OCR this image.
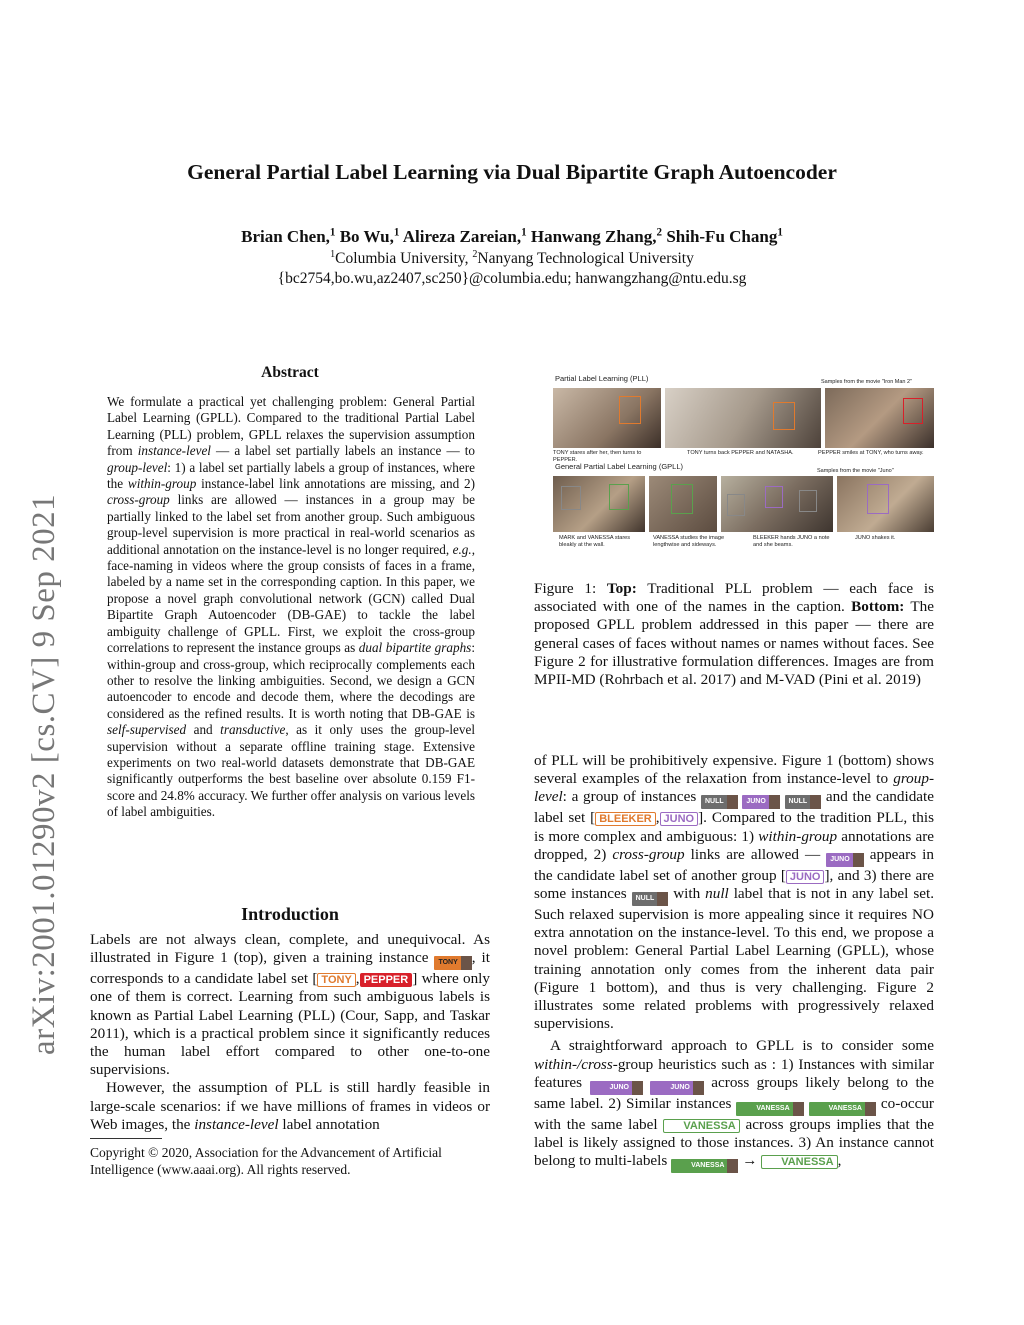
arXiv:2001.01290v2 [cs.CV] 9 Sep 2021
General Partial Label Learning via Dual Bipartite Graph Autoencoder
Brian Chen,$^1$ Bo Wu,$^1$ Alireza Zareian,$^1$ Hanwang Zhang,$^2$ Shih-Fu Chang$^1$
$^1$Columbia University, $^2$Nanyang Technological University
{bc2754,bo.wu,az2407,sc250}@columbia.edu; hanwangzhang@ntu.edu.sg
Abstract
We formulate a practical yet challenging problem: General Partial Label Learning (GPLL). Compared to the traditional Partial Label Learning (PLL) problem, GPLL relaxes the supervision assumption from instance-level — a label set partially labels an instance — to group-level: 1) a label set partially labels a group of instances, where the within-group instance-label link annotations are missing, and 2) cross-group links are allowed — instances in a group may be partially linked to the label set from another group. Such ambiguous group-level supervision is more practical in real-world scenarios as additional annotation on the instance-level is no longer required, e.g., face-naming in videos where the group consists of faces in a frame, labeled by a name set in the corresponding caption. In this paper, we propose a novel graph convolutional network (GCN) called Dual Bipartite Graph Autoencoder (DB-GAE) to tackle the label ambiguity challenge of GPLL. First, we exploit the cross-group correlations to represent the instance groups as dual bipartite graphs: within-group and cross-group, which reciprocally complements each other to resolve the linking ambiguities. Second, we design a GCN autoencoder to encode and decode them, where the decodings are considered as the refined results. It is worth noting that DB-GAE is self-supervised and transductive, as it only uses the group-level supervision without a separate offline training stage. Extensive experiments on two real-world datasets demonstrate that DB-GAE significantly outperforms the best baseline over absolute 0.159 F1-score and 24.8% accuracy. We further offer analysis on various levels of label ambiguities.
Introduction

Labels are not always clean, complete, and unequivocal. As illustrated in Figure 1 (top), given a training instance TONY , it corresponds to a candidate label set [ TONY , PEPPER ] where only one of them is correct. Learning from such ambiguous labels is known as Partial Label Learning (PLL) (Cour, Sapp, and Taskar 2011), which is a practical problem since it significantly reduces the human label effort compared to other one-to-one supervisions.

However, the assumption of PLL is still hardly feasible in large-scale scenarios: if we have millions of frames in videos or Web images, the instance-level label annotation

Copyright © 2020, Association for the Advancement of Artificial Intelligence (www.aaai.org). All rights reserved.
Partial Label Learning (PLL)	Samples from the movie "Iron Man 2"
TONY stares after her, then turns to PEPPER.
TONY turns back PEPPER and NATASHA.	PEPPER smiles at TONY, who turns away.
General Partial Label Learning (GPLL)	Samples from the movie "Juno"
MARK and VANESSA stares bleakly at the wall.
VANESSA studies the image lengthwise and sideways.
BLEEKER hands JUNO a note and she beams.
JUNO shakes it.
Figure 1: Top: Traditional PLL problem — each face is associated with one of the names in the caption. Bottom: The proposed GPLL problem addressed in this paper — there are general cases of faces without names or names without faces. See Figure 2 for illustrative formulation differences. Images are from MPII-MD (Rohrbach et al. 2017) and M-VAD (Pini et al. 2019)

of PLL will be prohibitively expensive. Figure 1 (bottom) shows several examples of the relaxation from instance-level to group-level: a group of instances NULL	JUNO	NULL and the candidate label set [ BLEEKER , JUNO ]. Compared to the tradition PLL, this is more complex and ambiguous: 1) within-group annotations are dropped, 2) cross-group links are allowed — JUNO appears in the candidate label set of another group [ JUNO ], and 3) there are some instances NULL with null label that is not in any label set. Such relaxed supervision is more appealing since it requires NO extra annotation on the instance-level. To this end, we propose a novel problem: General Partial Label Learning (GPLL), whose training annotation only comes from the inherent data pair (Figure 1 bottom), and thus is very challenging. Figure 2 illustrates some related problems with progressively relaxed supervisions.

A straightforward approach to GPLL is to consider some within-/cross-group heuristics such as : 1) Instances with similar features	JUNO	JUNO across groups likely belong to the same label. 2) Similar instances	VANESSA	VANESSA co-occur with the same label VANESSA across groups implies that the label is likely assigned to those instances. 3) An instance cannot belong to multi-labels	VANESSA → VANESSA ,
